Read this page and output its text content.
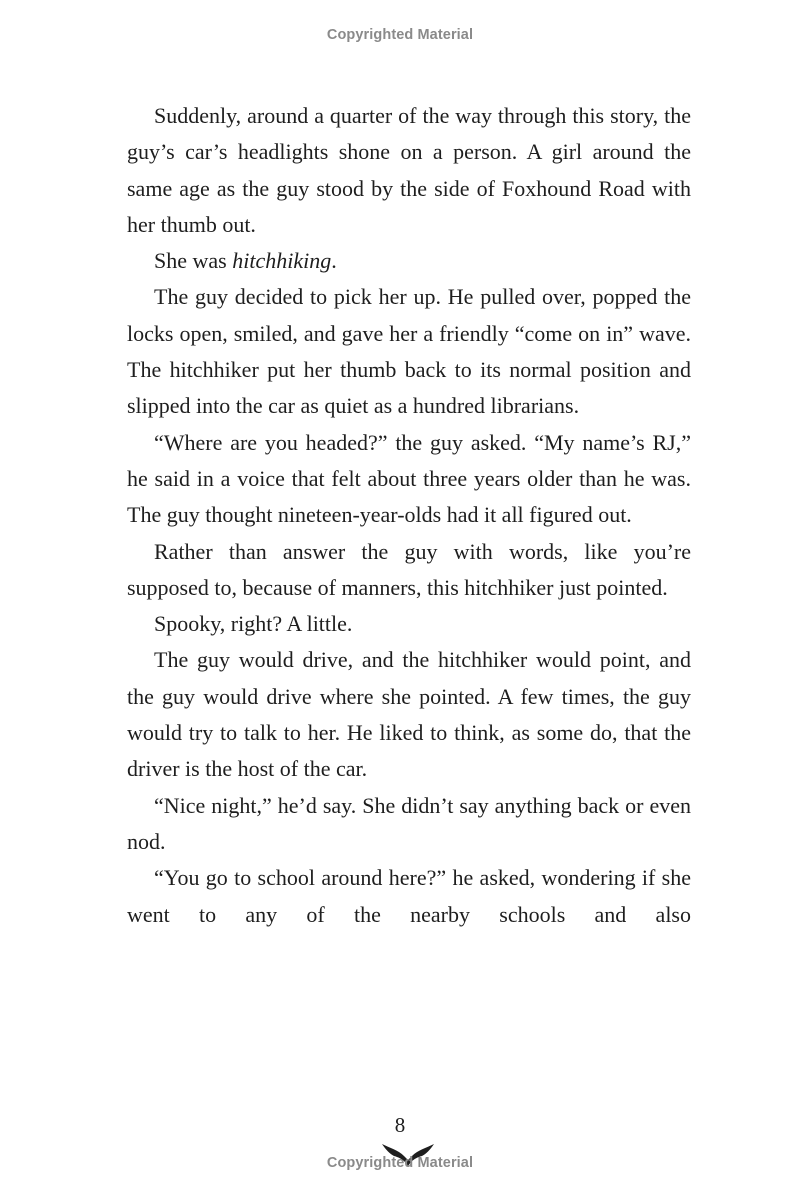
Copyrighted Material

Suddenly, around a quarter of the way through this story, the guy’s car’s headlights shone on a person. A girl around the same age as the guy stood by the side of Foxhound Road with her thumb out.

She was hitchhiking.

The guy decided to pick her up. He pulled over, popped the locks open, smiled, and gave her a friendly “come on in” wave. The hitchhiker put her thumb back to its normal position and slipped into the car as quiet as a hundred librarians.

“Where are you headed?” the guy asked. “My name’s RJ,” he said in a voice that felt about three years older than he was. The guy thought nineteen-year-olds had it all figured out.

Rather than answer the guy with words, like you’re supposed to, because of manners, this hitchhiker just pointed.

Spooky, right? A little.

The guy would drive, and the hitchhiker would point, and the guy would drive where she pointed. A few times, the guy would try to talk to her. He liked to think, as some do, that the driver is the host of the car.

“Nice night,” he’d say. She didn’t say anything back or even nod.

“You go to school around here?” he asked, wondering if she went to any of the nearby schools and also

8
Copyrighted Material
